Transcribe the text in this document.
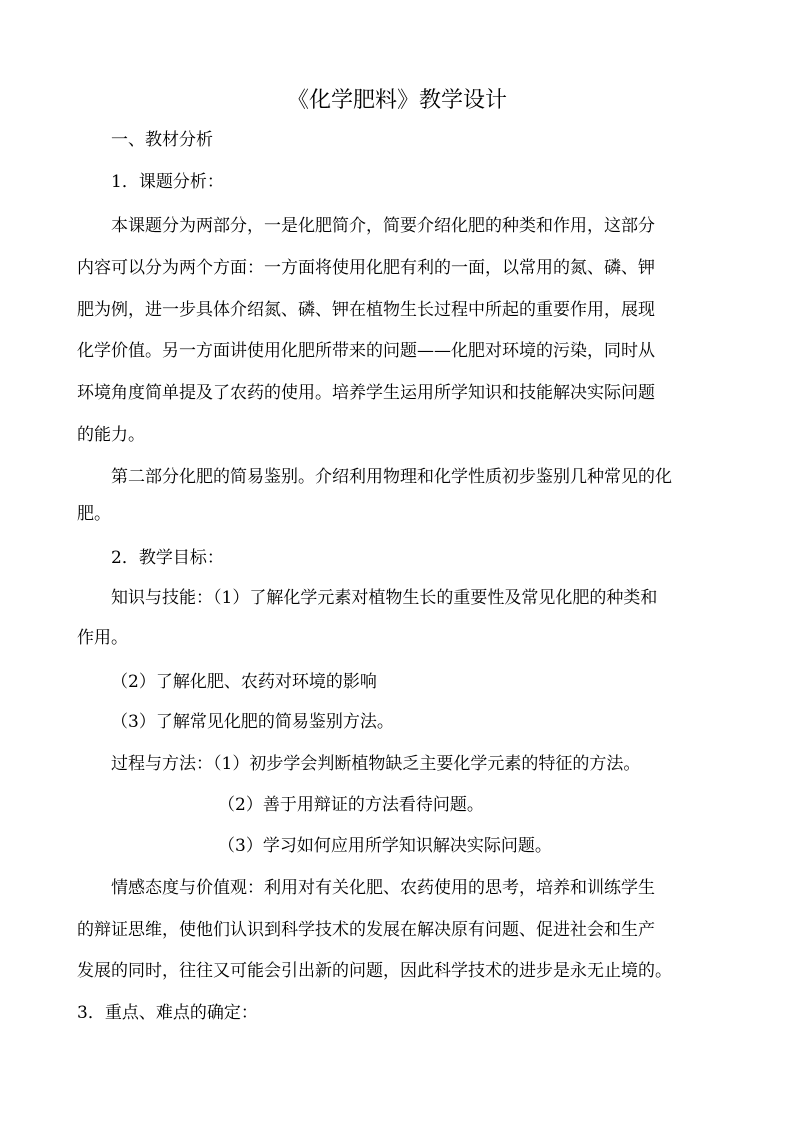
《化学肥料》教学设计
一、教材分析
1．课题分析：
本课题分为两部分，一是化肥简介，简要介绍化肥的种类和作用，这部分
内容可以分为两个方面：一方面将使用化肥有利的一面，以常用的氮、磷、钾
肥为例，进一步具体介绍氮、磷、钾在植物生长过程中所起的重要作用，展现
化学价值。另一方面讲使用化肥所带来的问题——化肥对环境的污染，同时从
环境角度简单提及了农药的使用。培养学生运用所学知识和技能解决实际问题
的能力。
第二部分化肥的简易鉴别。介绍利用物理和化学性质初步鉴别几种常见的化
肥。
2．教学目标：
知识与技能：（1）了解化学元素对植物生长的重要性及常见化肥的种类和
作用。
（2）了解化肥、农药对环境的影响
（3）了解常见化肥的简易鉴别方法。
过程与方法：（1）初步学会判断植物缺乏主要化学元素的特征的方法。
（2）善于用辩证的方法看待问题。
（3）学习如何应用所学知识解决实际问题。
情感态度与价值观：利用对有关化肥、农药使用的思考，培养和训练学生
的辩证思维，使他们认识到科学技术的发展在解决原有问题、促进社会和生产
发展的同时，往往又可能会引出新的问题，因此科学技术的进步是永无止境的。
3．重点、难点的确定：
